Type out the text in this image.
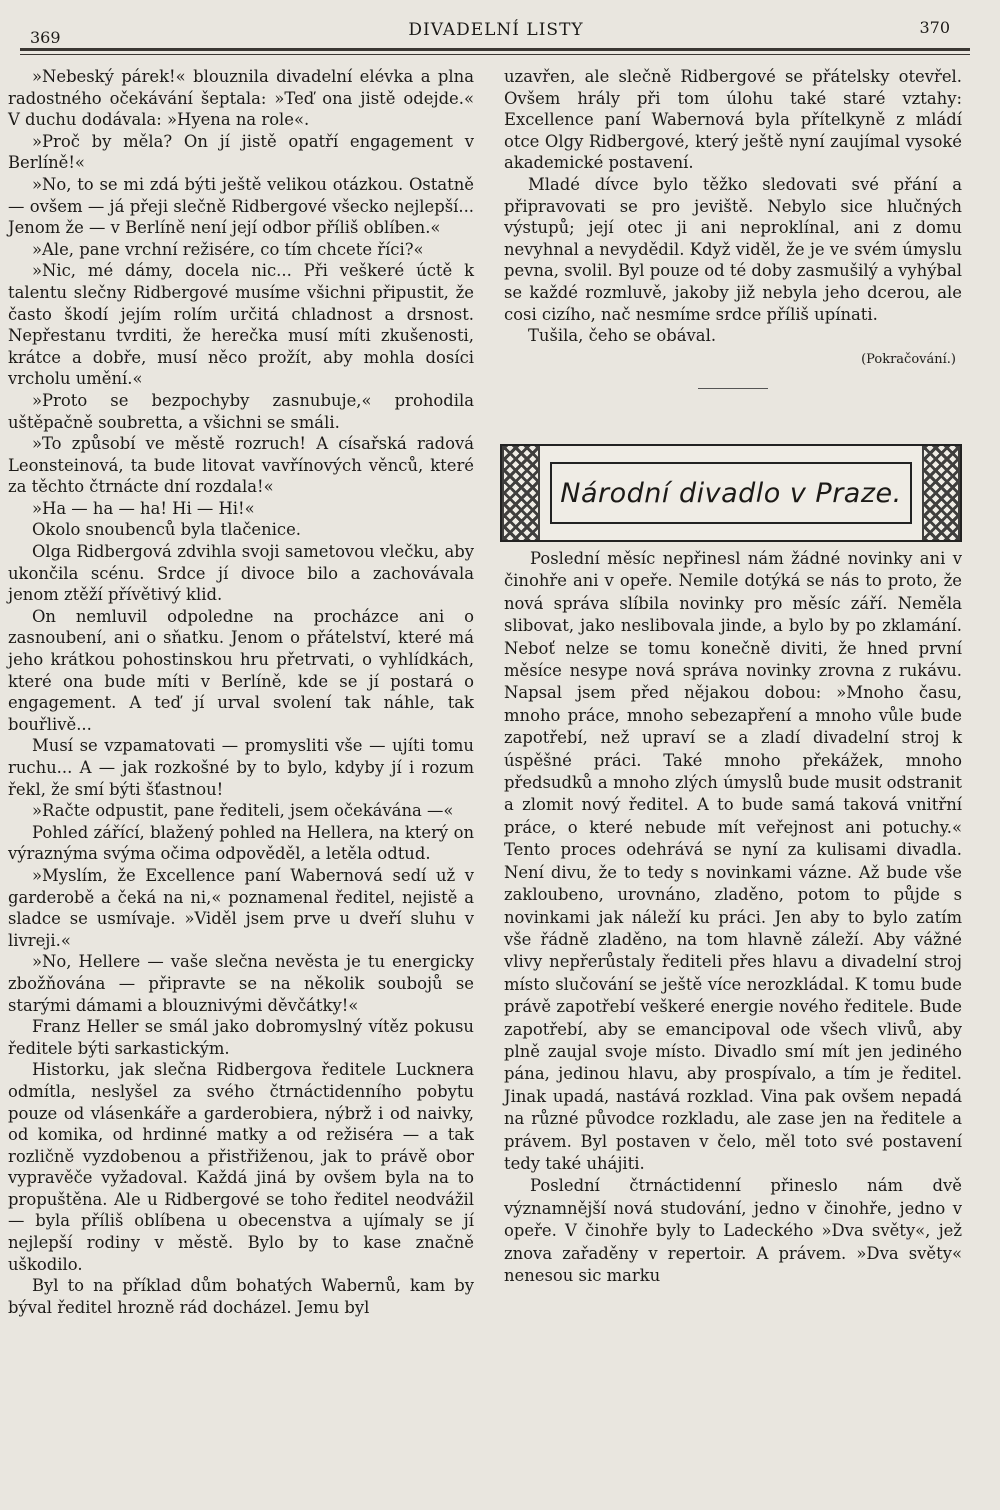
369	DIVADELNÍ LISTY	370

»Nebeský párek!« blouznila divadelní elévka a plna radostného očekávání šeptala: »Teď ona jistě odejde.« V duchu dodávala: »Hyena na role«.

»Proč by měla? On jí jistě opatří engagement v Berlíně!«

»No, to se mi zdá býti ještě velikou otázkou. Ostatně — ovšem — já přeji slečně Ridbergové všecko nejlepší... Jenom že — v Berlíně není její odbor příliš oblíben.«

»Ale, pane vrchní režisére, co tím chcete říci?«

»Nic, mé dámy, docela nic... Při veškeré úctě k talentu slečny Ridbergové musíme všichni připustit, že často škodí jejím rolím určitá chladnost a drsnost. Nepřestanu tvrditi, že herečka musí míti zkušenosti, krátce a dobře, musí něco prožít, aby mohla dosíci vrcholu umění.«

»Proto se bezpochyby zasnubuje,« prohodila uštěpačně soubretta, a všichni se smáli.

»To způsobí ve městě rozruch! A císařská radová Leonsteinová, ta bude litovat vavřínových věnců, které za těchto čtrnácte dní rozdala!«

»Ha — ha — ha! Hi — Hi!«

Okolo snoubenců byla tlačenice.

Olga Ridbergová zdvihla svoji sametovou vlečku, aby ukončila scénu. Srdce jí divoce bilo a zachovávala jenom ztěží přívětivý klid.

On nemluvil odpoledne na procházce ani o zasnoubení, ani o sňatku. Jenom o přátelství, které má jeho krátkou pohostinskou hru přetrvati, o vyhlídkách, které ona bude míti v Berlíně, kde se jí postará o engagement. A teď jí urval svolení tak náhle, tak bouřlivě...

Musí se vzpamatovati — promysliti vše — ujíti tomu ruchu... A — jak rozkošné by to bylo, kdyby jí i rozum řekl, že smí býti šťastnou!

»Račte odpustit, pane řediteli, jsem očekávána —«

Pohled zářící, blažený pohled na Hellera, na který on výraznýma svýma očima odpověděl, a letěla odtud.

»Myslím, že Excellence paní Wabernová sedí už v garderobě a čeká na ni,« poznamenal ředitel, nejistě a sladce se usmívaje. »Viděl jsem prve u dveří sluhu v livreji.«

»No, Hellere — vaše slečna nevěsta je tu energicky zbožňována — připravte se na několik soubojů se starými dámami a blouznivými děvčátky!«

Franz Heller se smál jako dobromyslný vítěz pokusu ředitele býti sarkastickým.

Historku, jak slečna Ridbergova ředitele Lucknera odmítla, neslyšel za svého čtrnáctidenního pobytu pouze od vlásenkáře a garderobiera, nýbrž i od naivky, od komika, od hrdinné matky a od režiséra — a tak rozličně vyzdobenou a přistřiženou, jak to právě obor vypravěče vyžadoval. Každá jiná by ovšem byla na to propuštěna. Ale u Ridbergové se toho ředitel neodvážil — byla příliš oblíbena u obecenstva a ujímaly se jí nejlepší rodiny v městě. Bylo by to kase značně uškodilo.

Byl to na příklad dům bohatých Wabernů, kam by býval ředitel hrozně rád docházel. Jemu byl

uzavřen, ale slečně Ridbergové se přátelsky otevřel. Ovšem hrály při tom úlohu také staré vztahy: Excellence paní Wabernová byla přítelkyně z mládí otce Olgy Ridbergové, který ještě nyní zaujímal vysoké akademické postavení.

Mladé dívce bylo těžko sledovati své přání a připravovati se pro jeviště. Nebylo sice hlučných výstupů; její otec ji ani neproklínal, ani z domu nevyhnal a nevydědil. Když viděl, že je ve svém úmyslu pevna, svolil. Byl pouze od té doby zasmušilý a vyhýbal se každé rozmluvě, jakoby již nebyla jeho dcerou, ale cosi cizího, nač nesmíme srdce příliš upínati.

Tušila, čeho se obával.

(Pokračování.)
Národní divadlo v Praze.

Poslední měsíc nepřinesl nám žádné novinky ani v činohře ani v opeře. Nemile dotýká se nás to proto, že nová správa slíbila novinky pro měsíc září. Neměla slibovat, jako neslibovala jinde, a bylo by po zklamání. Neboť nelze se tomu konečně diviti, že hned první měsíce nesype nová správa novinky zrovna z rukávu. Napsal jsem před nějakou dobou: »Mnoho času, mnoho práce, mnoho sebezapření a mnoho vůle bude zapotřebí, než upraví se a zladí divadelní stroj k úspěšné práci. Také mnoho překážek, mnoho předsudků a mnoho zlých úmyslů bude musit odstranit a zlomit nový ředitel. A to bude samá taková vnitřní práce, o které nebude mít veřejnost ani potuchy.« Tento proces odehrává se nyní za kulisami divadla. Není divu, že to tedy s novinkami vázne. Až bude vše zakloubeno, urovnáno, zladěno, potom to půjde s novinkami jak náleží ku práci. Jen aby to bylo zatím vše řádně zladěno, na tom hlavně záleží. Aby vážné vlivy nepřerůstaly řediteli přes hlavu a divadelní stroj místo slučování se ještě více nerozkládal. K tomu bude právě zapotřebí veškeré energie nového ředitele. Bude zapotřebí, aby se emancipoval ode všech vlivů, aby plně zaujal svoje místo. Divadlo smí mít jen jediného pána, jedinou hlavu, aby prospívalo, a tím je ředitel. Jinak upadá, nastává rozklad. Vina pak ovšem nepadá na různé původce rozkladu, ale zase jen na ředitele a právem. Byl postaven v čelo, měl toto své postavení tedy také uhájiti.

Poslední čtrnáctidenní přineslo nám dvě významnější nová studování, jedno v činohře, jedno v opeře. V činohře byly to Ladeckého »Dva světy«, jež znova zařaděny v repertoir. A právem. »Dva světy« nenesou sic marku
